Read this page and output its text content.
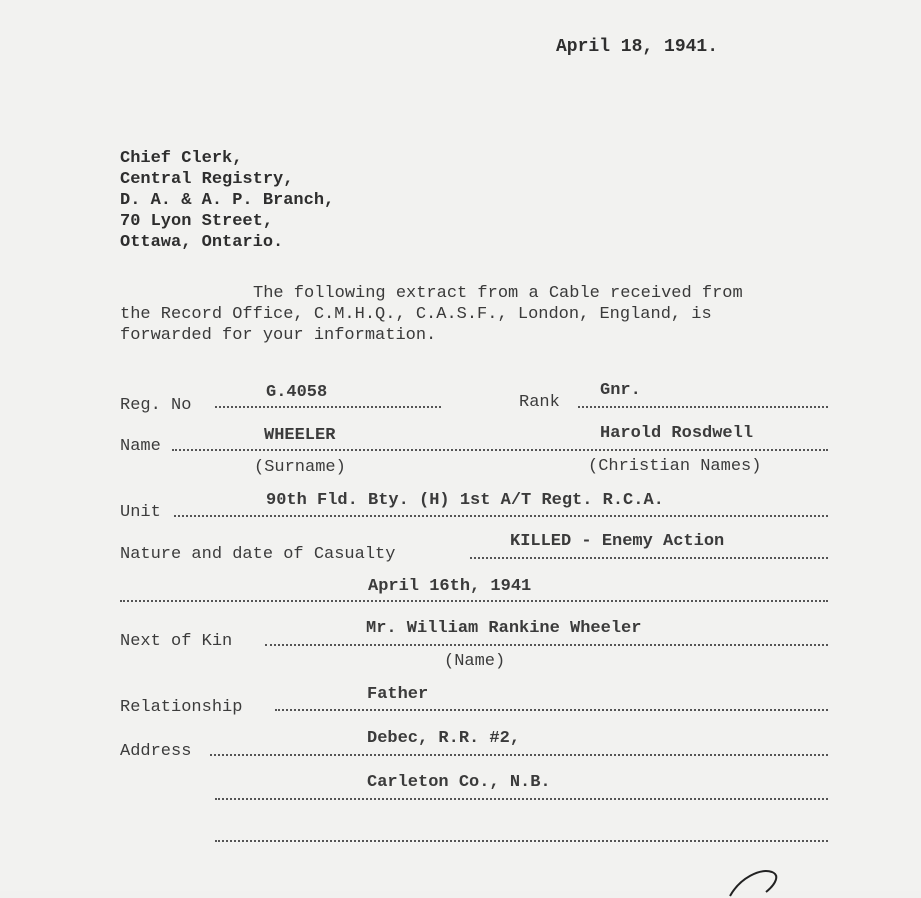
April 18, 1941.
Chief Clerk,
Central Registry,
D. A. & A. P. Branch,
70 Lyon Street,
Ottawa, Ontario.
The following extract from a Cable received from
the Record Office, C.M.H.Q., C.A.S.F., London, England, is
forwarded for your information.
Reg. No
G.4058
Rank
Gnr.
Name
WHEELER	Harold Rosdwell
(Surname)	(Christian Names)
Unit
90th Fld. Bty. (H) 1st A/T Regt. R.C.A.
Nature and date of Casualty
KILLED - Enemy Action
April 16th, 1941
Next of Kin
Mr. William Rankine Wheeler
(Name)
Relationship
Father
Address
Debec, R.R. #2,
Carleton Co., N.B.
